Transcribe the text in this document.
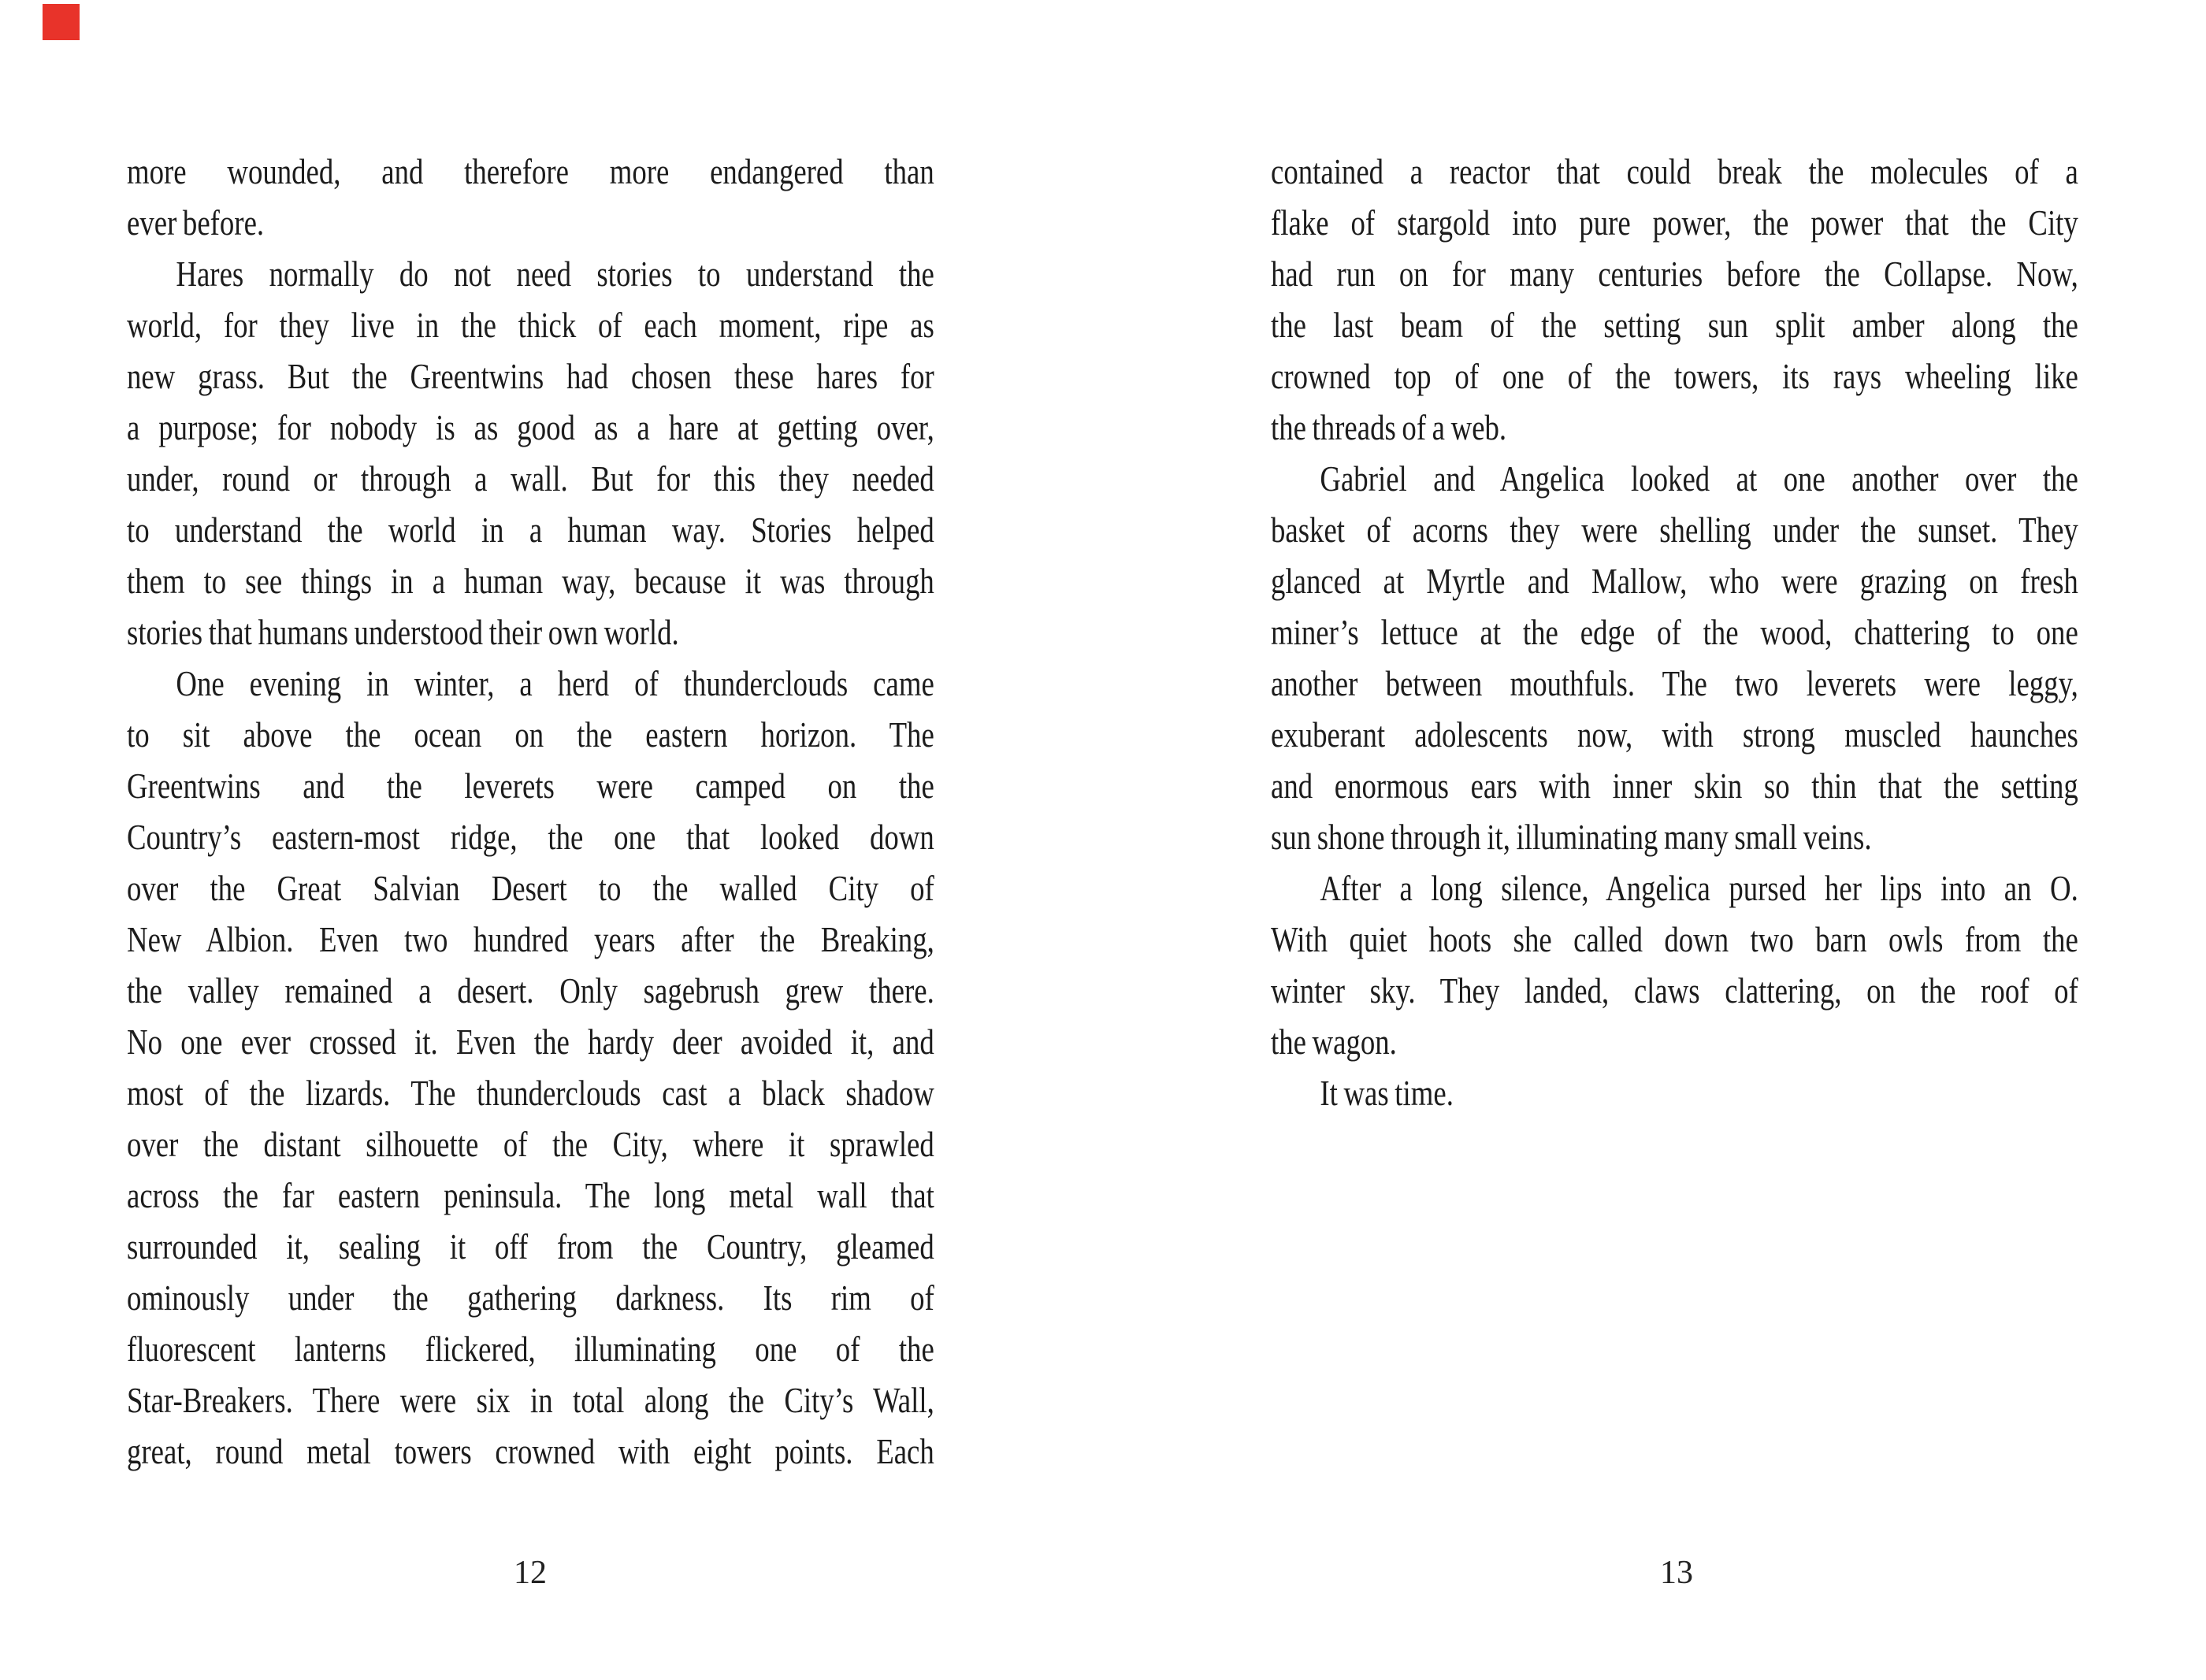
more wounded, and therefore more endangered than
ever before.
Hares normally do not need stories to understand the
world, for they live in the thick of each moment, ripe as
new grass. But the Greentwins had chosen these hares for
a purpose; for nobody is as good as a hare at getting over,
under, round or through a wall. But for this they needed
to understand the world in a human way. Stories helped
them to see things in a human way, because it was through
stories that humans understood their own world.
One evening in winter, a herd of thunderclouds came
to sit above the ocean on the eastern horizon. The
Greentwins and the leverets were camped on the
Country’s eastern-most ridge, the one that looked down
over the Great Salvian Desert to the walled City of
New Albion. Even two hundred years after the Breaking,
the valley remained a desert. Only sagebrush grew there.
No one ever crossed it. Even the hardy deer avoided it, and
most of the lizards. The thunderclouds cast a black shadow
over the distant silhouette of the City, where it sprawled
across the far eastern peninsula. The long metal wall that
surrounded it, sealing it off from the Country, gleamed
ominously under the gathering darkness. Its rim of
fluorescent lanterns flickered, illuminating one of the
Star-Breakers. There were six in total along the City’s Wall,
great, round metal towers crowned with eight points. Each
contained a reactor that could break the molecules of a
flake of stargold into pure power, the power that the City
had run on for many centuries before the Collapse. Now,
the last beam of the setting sun split amber along the
crowned top of one of the towers, its rays wheeling like
the threads of a web.
Gabriel and Angelica looked at one another over the
basket of acorns they were shelling under the sunset. They
glanced at Myrtle and Mallow, who were grazing on fresh
miner’s lettuce at the edge of the wood, chattering to one
another between mouthfuls. The two leverets were leggy,
exuberant adolescents now, with strong muscled haunches
and enormous ears with inner skin so thin that the setting
sun shone through it, illuminating many small veins.
After a long silence, Angelica pursed her lips into an O.
With quiet hoots she called down two barn owls from the
winter sky. They landed, claws clattering, on the roof of
the wagon.
It was time.
12	13
